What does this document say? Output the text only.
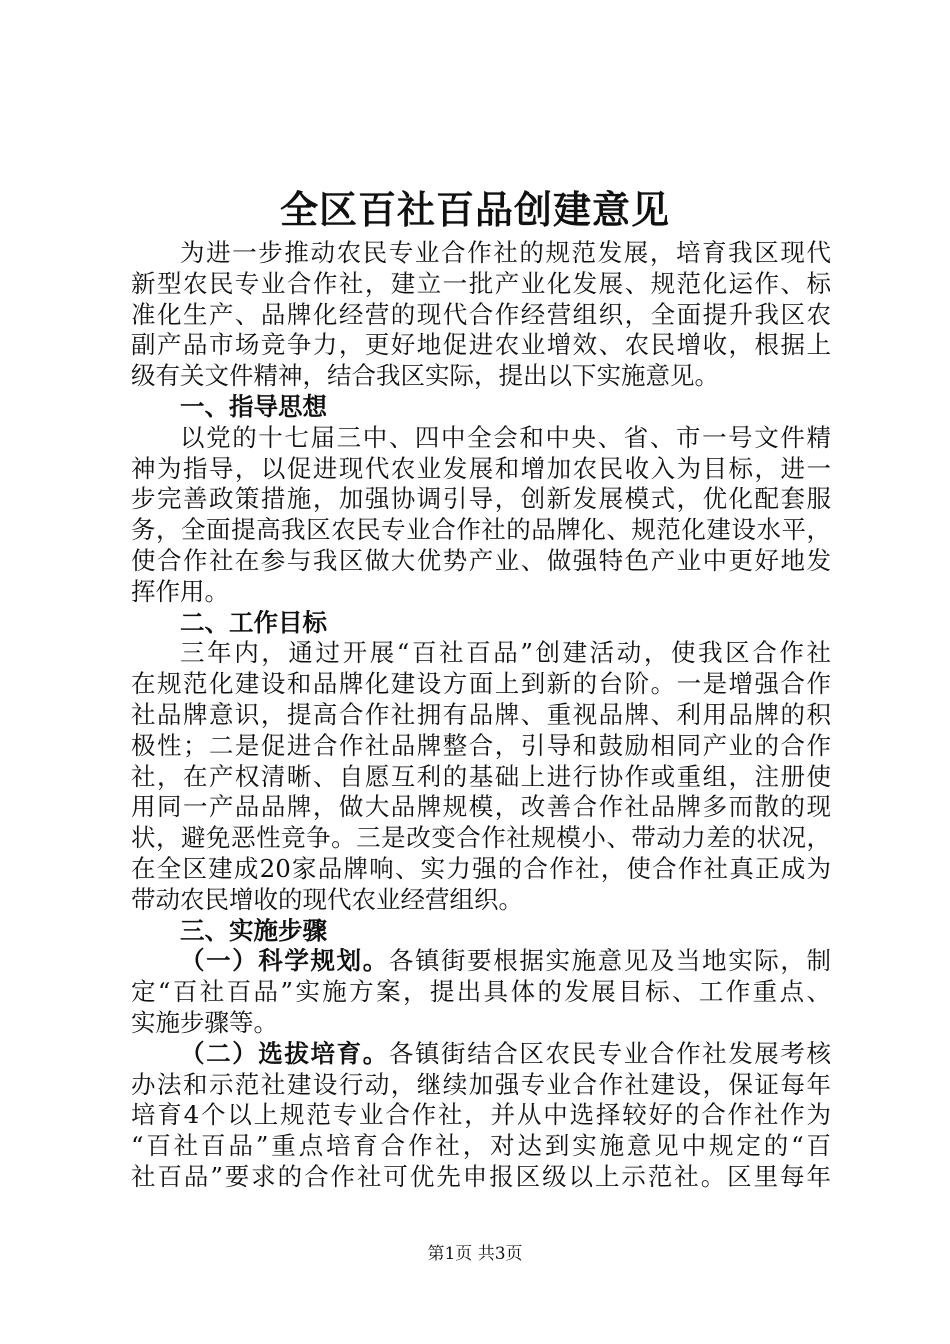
全区百社百品创建意见
为进一步推动农民专业合作社的规范发展，培育我区现代
新型农民专业合作社，建立一批产业化发展、规范化运作、标
准化生产、品牌化经营的现代合作经营组织，全面提升我区农
副产品市场竞争力，更好地促进农业增效、农民增收，根据上
级有关文件精神，结合我区实际，提出以下实施意见。
一、指导思想
以党的十七届三中、四中全会和中央、省、市一号文件精
神为指导，以促进现代农业发展和增加农民收入为目标，进一
步完善政策措施，加强协调引导，创新发展模式，优化配套服
务，全面提高我区农民专业合作社的品牌化、规范化建设水平，
使合作社在参与我区做大优势产业、做强特色产业中更好地发
挥作用。
二、工作目标
三年内，通过开展“百社百品”创建活动，使我区合作社
在规范化建设和品牌化建设方面上到新的台阶。一是增强合作
社品牌意识，提高合作社拥有品牌、重视品牌、利用品牌的积
极性；二是促进合作社品牌整合，引导和鼓励相同产业的合作
社，在产权清晰、自愿互利的基础上进行协作或重组，注册使
用同一产品品牌，做大品牌规模，改善合作社品牌多而散的现
状，避免恶性竞争。三是改变合作社规模小、带动力差的状况，
在全区建成20家品牌响、实力强的合作社，使合作社真正成为
带动农民增收的现代农业经营组织。
三、实施步骤
（一）科学规划。各镇街要根据实施意见及当地实际，制
定“百社百品”实施方案，提出具体的发展目标、工作重点、
实施步骤等。
（二）选拔培育。各镇街结合区农民专业合作社发展考核
办法和示范社建设行动，继续加强专业合作社建设，保证每年
培育4个以上规范专业合作社，并从中选择较好的合作社作为
“百社百品”重点培育合作社，对达到实施意见中规定的“百
社百品”要求的合作社可优先申报区级以上示范社。区里每年
第1页 共3页
